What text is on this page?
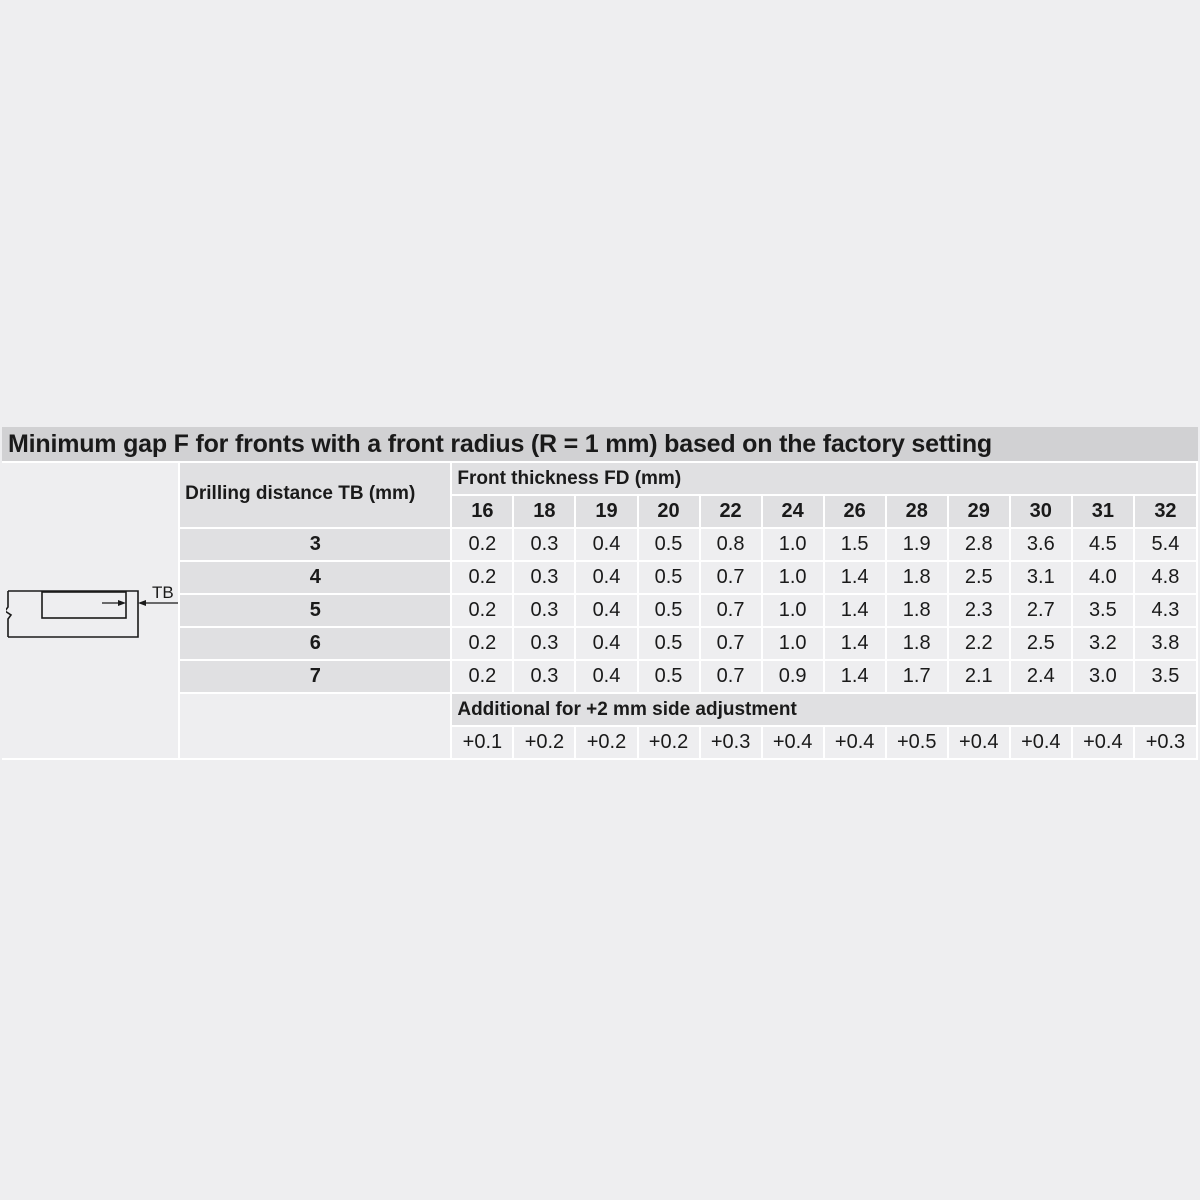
Minimum gap F for fronts with a front radius (R = 1 mm) based on the factory setting
TB	Drilling distance TB (mm)	Front thickness FD (mm)											
		16	18	19	20	22	24	26	28	29	30	31	32
	3	0.2	0.3	0.4	0.5	0.8	1.0	1.5	1.9	2.8	3.6	4.5	5.4
	4	0.2	0.3	0.4	0.5	0.7	1.0	1.4	1.8	2.5	3.1	4.0	4.8
	5	0.2	0.3	0.4	0.5	0.7	1.0	1.4	1.8	2.3	2.7	3.5	4.3
	6	0.2	0.3	0.4	0.5	0.7	1.0	1.4	1.8	2.2	2.5	3.2	3.8
	7	0.2	0.3	0.4	0.5	0.7	0.9	1.4	1.7	2.1	2.4	3.0	3.5
		Additional for +2 mm side adjustment											
		+0.1	+0.2	+0.2	+0.2	+0.3	+0.4	+0.4	+0.5	+0.4	+0.4	+0.4	+0.3
